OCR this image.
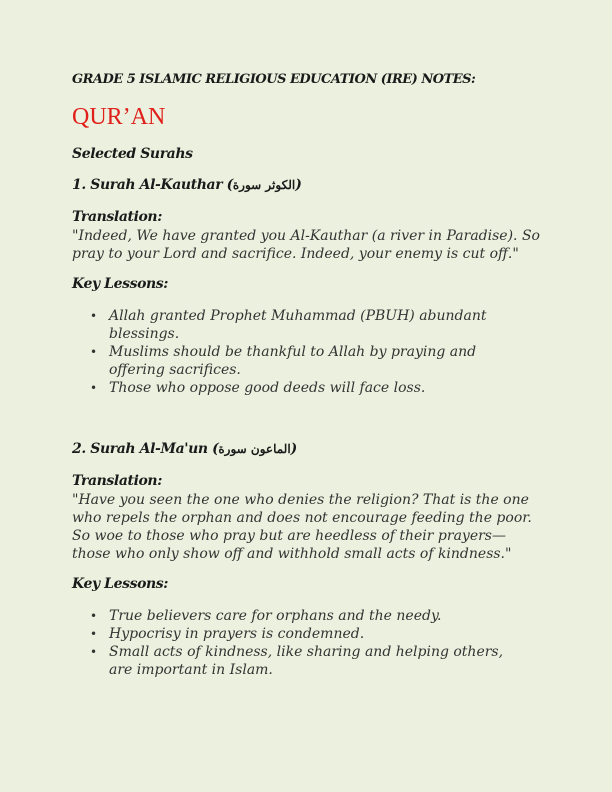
GRADE 5 ISLAMIC RELIGIOUS EDUCATION (IRE) NOTES:

QUR’AN

Selected Surahs

1. Surah Al-Kauthar (الكوثر سورة)

Translation:

"Indeed, We have granted you Al-Kauthar (a river in Paradise). So pray to your Lord and sacrifice. Indeed, your enemy is cut off."

Key Lessons:

• Allah granted Prophet Muhammad (PBUH) abundant blessings.
• Muslims should be thankful to Allah by praying and offering sacrifices.
• Those who oppose good deeds will face loss.

2. Surah Al-Ma'un (الماعون سورة)

Translation:

"Have you seen the one who denies the religion? That is the one who repels the orphan and does not encourage feeding the poor. So woe to those who pray but are heedless of their prayers—those who only show off and withhold small acts of kindness."

Key Lessons:

• True believers care for orphans and the needy.
• Hypocrisy in prayers is condemned.
• Small acts of kindness, like sharing and helping others, are important in Islam.
